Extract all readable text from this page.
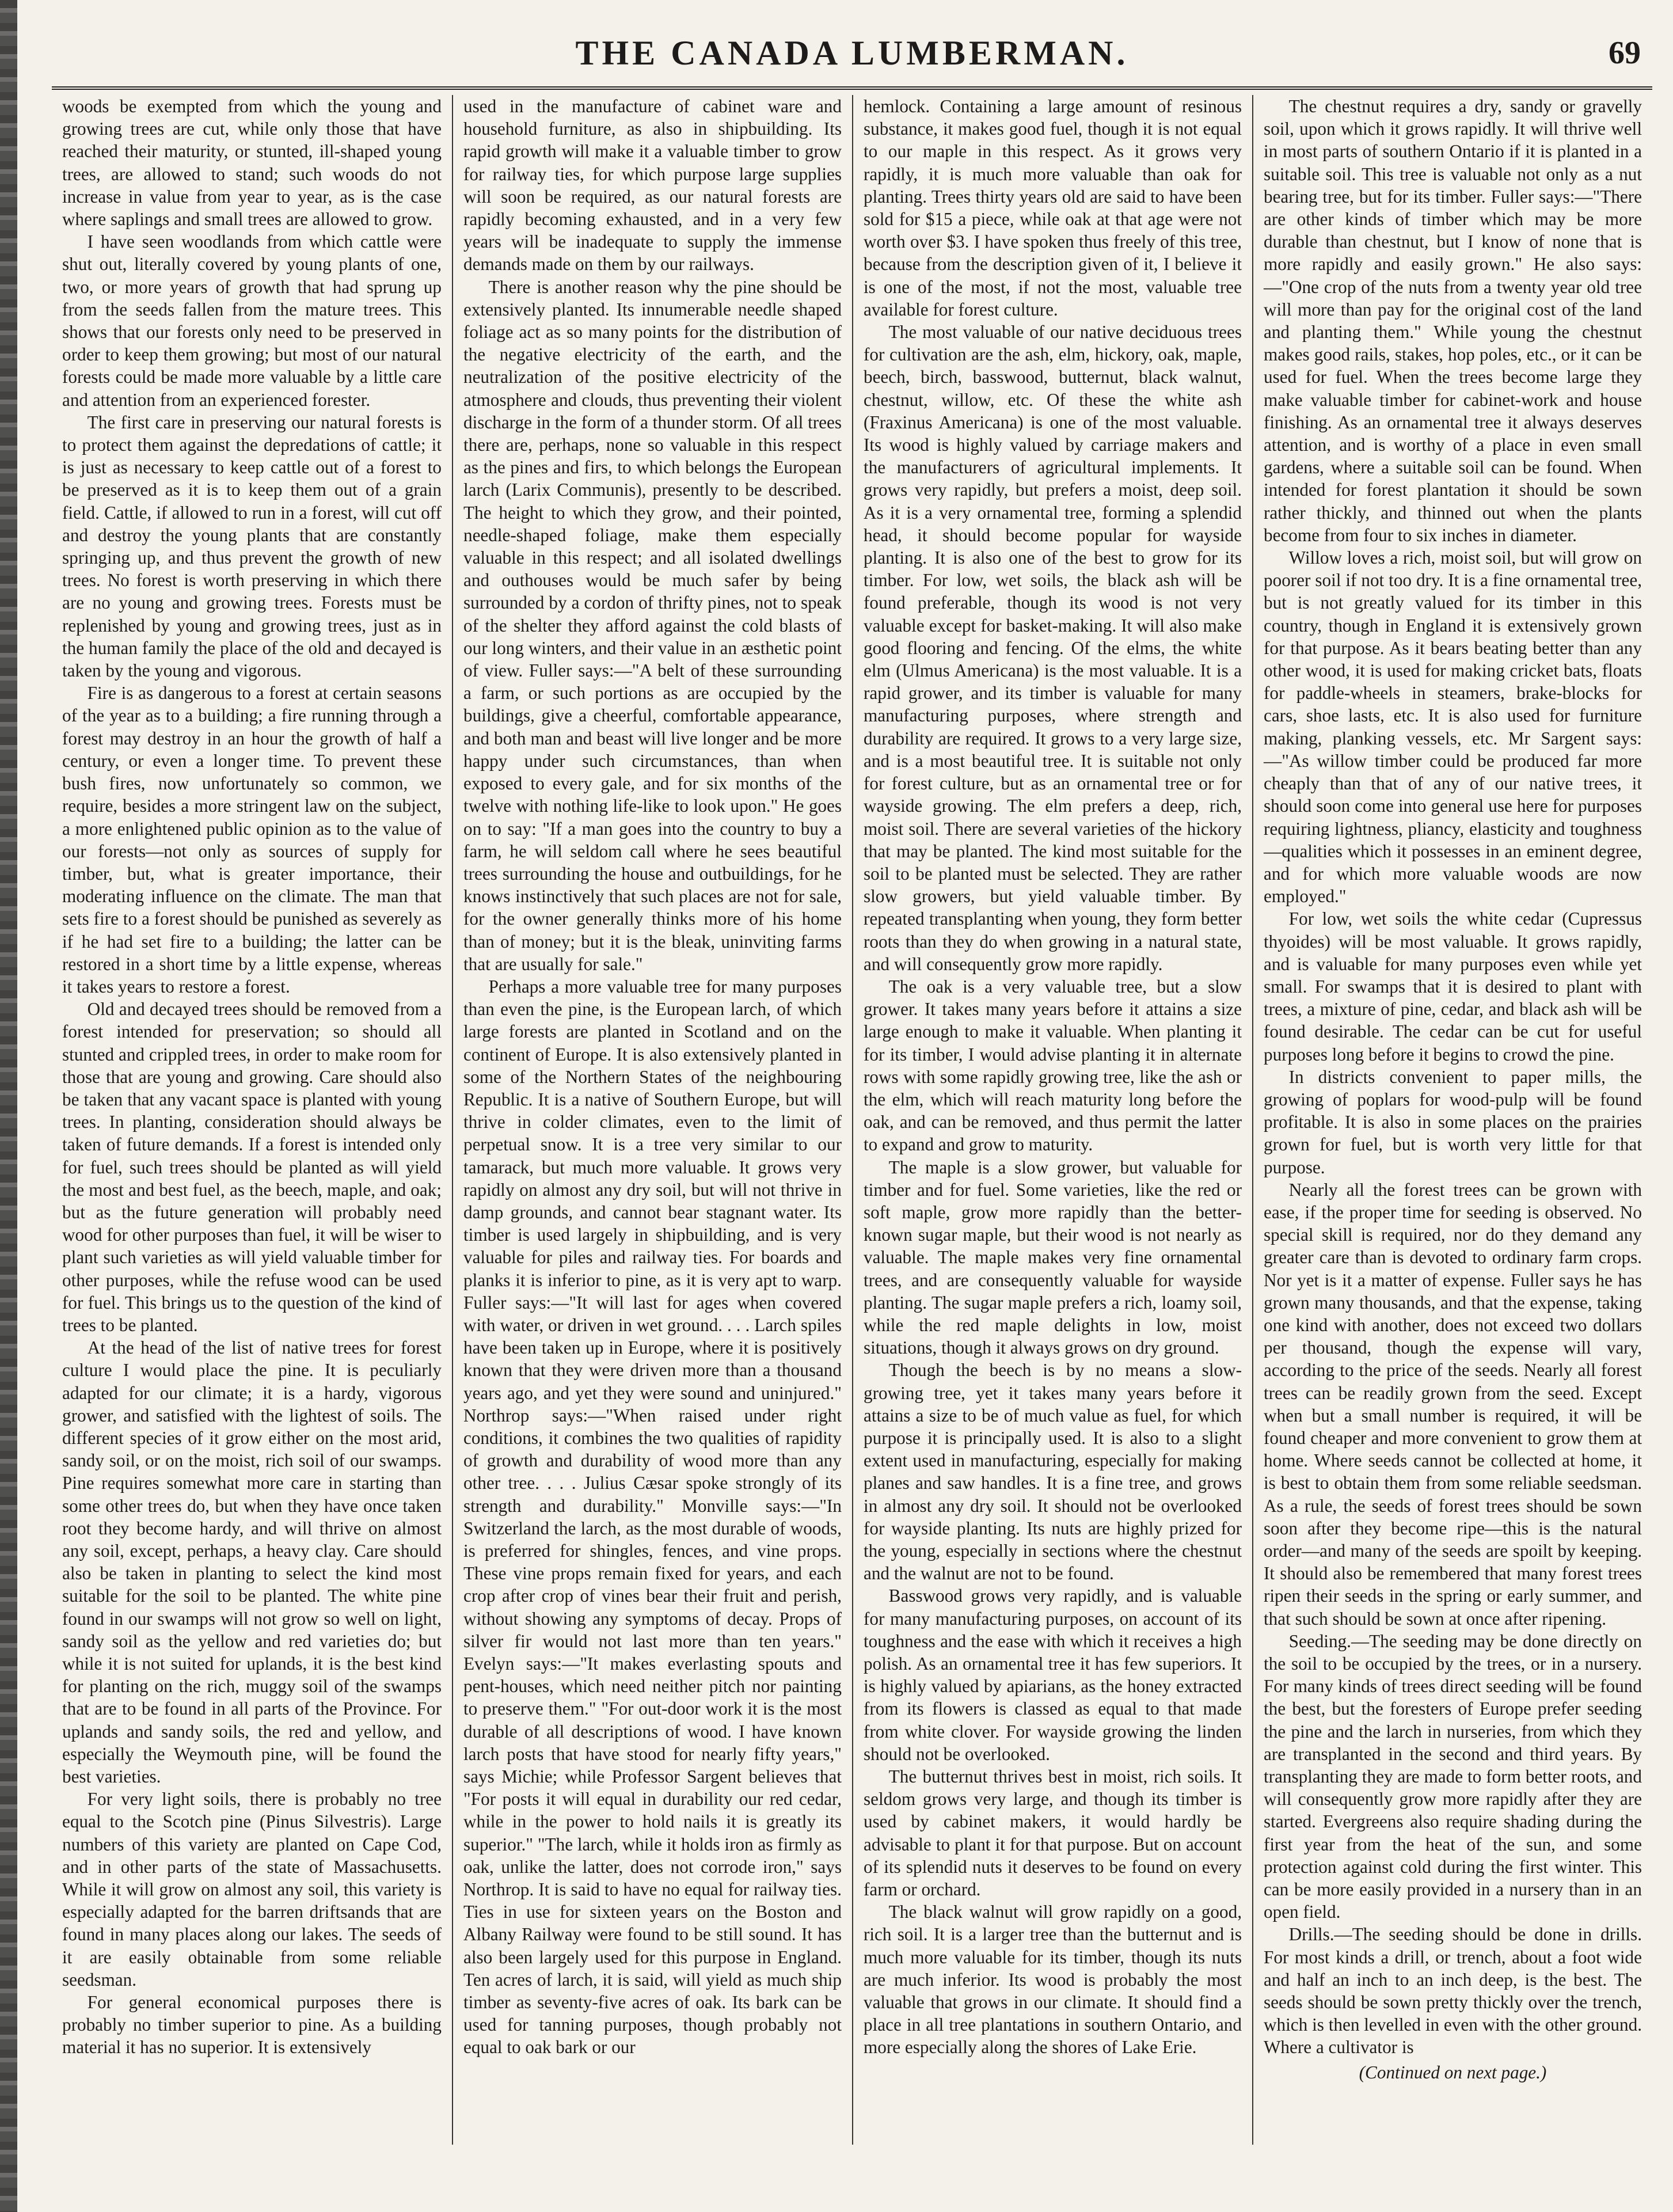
THE CANADA LUMBERMAN.	69

woods be exempted from which the young and growing trees are cut, while only those that have reached their maturity, or stunted, ill-shaped young trees, are allowed to stand; such woods do not increase in value from year to year, as is the case where saplings and small trees are allowed to grow.

I have seen woodlands from which cattle were shut out, literally covered by young plants of one, two, or more years of growth that had sprung up from the seeds fallen from the mature trees. This shows that our forests only need to be preserved in order to keep them growing; but most of our natural forests could be made more valuable by a little care and attention from an experienced forester.

The first care in preserving our natural forests is to protect them against the depredations of cattle; it is just as necessary to keep cattle out of a forest to be preserved as it is to keep them out of a grain field. Cattle, if allowed to run in a forest, will cut off and destroy the young plants that are constantly springing up, and thus prevent the growth of new trees. No forest is worth preserving in which there are no young and growing trees. Forests must be replenished by young and growing trees, just as in the human family the place of the old and decayed is taken by the young and vigorous.

Fire is as dangerous to a forest at certain seasons of the year as to a building; a fire running through a forest may destroy in an hour the growth of half a century, or even a longer time. To prevent these bush fires, now unfortunately so common, we require, besides a more stringent law on the subject, a more enlightened public opinion as to the value of our forests—not only as sources of supply for timber, but, what is greater importance, their moderating influence on the climate. The man that sets fire to a forest should be punished as severely as if he had set fire to a building; the latter can be restored in a short time by a little expense, whereas it takes years to restore a forest.

Old and decayed trees should be removed from a forest intended for preservation; so should all stunted and crippled trees, in order to make room for those that are young and growing. Care should also be taken that any vacant space is planted with young trees. In planting, consideration should always be taken of future demands. If a forest is intended only for fuel, such trees should be planted as will yield the most and best fuel, as the beech, maple, and oak; but as the future generation will probably need wood for other purposes than fuel, it will be wiser to plant such varieties as will yield valuable timber for other purposes, while the refuse wood can be used for fuel. This brings us to the question of the kind of trees to be planted.

At the head of the list of native trees for forest culture I would place the pine. It is peculiarly adapted for our climate; it is a hardy, vigorous grower, and satisfied with the lightest of soils. The different species of it grow either on the most arid, sandy soil, or on the moist, rich soil of our swamps. Pine requires somewhat more care in starting than some other trees do, but when they have once taken root they become hardy, and will thrive on almost any soil, except, perhaps, a heavy clay. Care should also be taken in planting to select the kind most suitable for the soil to be planted. The white pine found in our swamps will not grow so well on light, sandy soil as the yellow and red varieties do; but while it is not suited for uplands, it is the best kind for planting on the rich, muggy soil of the swamps that are to be found in all parts of the Province. For uplands and sandy soils, the red and yellow, and especially the Weymouth pine, will be found the best varieties.

For very light soils, there is probably no tree equal to the Scotch pine (Pinus Silvestris). Large numbers of this variety are planted on Cape Cod, and in other parts of the state of Massachusetts. While it will grow on almost any soil, this variety is especially adapted for the barren driftsands that are found in many places along our lakes. The seeds of it are easily obtainable from some reliable seedsman.

For general economical purposes there is probably no timber superior to pine. As a building material it has no superior. It is extensively

used in the manufacture of cabinet ware and household furniture, as also in shipbuilding. Its rapid growth will make it a valuable timber to grow for railway ties, for which purpose large supplies will soon be required, as our natural forests are rapidly becoming exhausted, and in a very few years will be inadequate to supply the immense demands made on them by our railways.

There is another reason why the pine should be extensively planted. Its innumerable needle shaped foliage act as so many points for the distribution of the negative electricity of the earth, and the neutralization of the positive electricity of the atmosphere and clouds, thus preventing their violent discharge in the form of a thunder storm. Of all trees there are, perhaps, none so valuable in this respect as the pines and firs, to which belongs the European larch (Larix Communis), presently to be described. The height to which they grow, and their pointed, needle-shaped foliage, make them especially valuable in this respect; and all isolated dwellings and outhouses would be much safer by being surrounded by a cordon of thrifty pines, not to speak of the shelter they afford against the cold blasts of our long winters, and their value in an æsthetic point of view. Fuller says:—"A belt of these surrounding a farm, or such portions as are occupied by the buildings, give a cheerful, comfortable appearance, and both man and beast will live longer and be more happy under such circumstances, than when exposed to every gale, and for six months of the twelve with nothing life-like to look upon." He goes on to say: "If a man goes into the country to buy a farm, he will seldom call where he sees beautiful trees surrounding the house and outbuildings, for he knows instinctively that such places are not for sale, for the owner generally thinks more of his home than of money; but it is the bleak, uninviting farms that are usually for sale."

Perhaps a more valuable tree for many purposes than even the pine, is the European larch, of which large forests are planted in Scotland and on the continent of Europe. It is also extensively planted in some of the Northern States of the neighbouring Republic. It is a native of Southern Europe, but will thrive in colder climates, even to the limit of perpetual snow. It is a tree very similar to our tamarack, but much more valuable. It grows very rapidly on almost any dry soil, but will not thrive in damp grounds, and cannot bear stagnant water. Its timber is used largely in shipbuilding, and is very valuable for piles and railway ties. For boards and planks it is inferior to pine, as it is very apt to warp. Fuller says:—"It will last for ages when covered with water, or driven in wet ground. . . . Larch spiles have been taken up in Europe, where it is positively known that they were driven more than a thousand years ago, and yet they were sound and uninjured." Northrop says:—"When raised under right conditions, it combines the two qualities of rapidity of growth and durability of wood more than any other tree. . . . Julius Cæsar spoke strongly of its strength and durability." Monville says:—"In Switzerland the larch, as the most durable of woods, is preferred for shingles, fences, and vine props. These vine props remain fixed for years, and each crop after crop of vines bear their fruit and perish, without showing any symptoms of decay. Props of silver fir would not last more than ten years." Evelyn says:—"It makes everlasting spouts and pent-houses, which need neither pitch nor painting to preserve them." "For out-door work it is the most durable of all descriptions of wood. I have known larch posts that have stood for nearly fifty years," says Michie; while Professor Sargent believes that "For posts it will equal in durability our red cedar, while in the power to hold nails it is greatly its superior." "The larch, while it holds iron as firmly as oak, unlike the latter, does not corrode iron," says Northrop. It is said to have no equal for railway ties. Ties in use for sixteen years on the Boston and Albany Railway were found to be still sound. It has also been largely used for this purpose in England. Ten acres of larch, it is said, will yield as much ship timber as seventy-five acres of oak. Its bark can be used for tanning purposes, though probably not equal to oak bark or our

hemlock. Containing a large amount of resinous substance, it makes good fuel, though it is not equal to our maple in this respect. As it grows very rapidly, it is much more valuable than oak for planting. Trees thirty years old are said to have been sold for $15 a piece, while oak at that age were not worth over $3. I have spoken thus freely of this tree, because from the description given of it, I believe it is one of the most, if not the most, valuable tree available for forest culture.

The most valuable of our native deciduous trees for cultivation are the ash, elm, hickory, oak, maple, beech, birch, basswood, butternut, black walnut, chestnut, willow, etc. Of these the white ash (Fraxinus Americana) is one of the most valuable. Its wood is highly valued by carriage makers and the manufacturers of agricultural implements. It grows very rapidly, but prefers a moist, deep soil. As it is a very ornamental tree, forming a splendid head, it should become popular for wayside planting. It is also one of the best to grow for its timber. For low, wet soils, the black ash will be found preferable, though its wood is not very valuable except for basket-making. It will also make good flooring and fencing. Of the elms, the white elm (Ulmus Americana) is the most valuable. It is a rapid grower, and its timber is valuable for many manufacturing purposes, where strength and durability are required. It grows to a very large size, and is a most beautiful tree. It is suitable not only for forest culture, but as an ornamental tree or for wayside growing. The elm prefers a deep, rich, moist soil. There are several varieties of the hickory that may be planted. The kind most suitable for the soil to be planted must be selected. They are rather slow growers, but yield valuable timber. By repeated transplanting when young, they form better roots than they do when growing in a natural state, and will consequently grow more rapidly.

The oak is a very valuable tree, but a slow grower. It takes many years before it attains a size large enough to make it valuable. When planting it for its timber, I would advise planting it in alternate rows with some rapidly growing tree, like the ash or the elm, which will reach maturity long before the oak, and can be removed, and thus permit the latter to expand and grow to maturity.

The maple is a slow grower, but valuable for timber and for fuel. Some varieties, like the red or soft maple, grow more rapidly than the better-known sugar maple, but their wood is not nearly as valuable. The maple makes very fine ornamental trees, and are consequently valuable for wayside planting. The sugar maple prefers a rich, loamy soil, while the red maple delights in low, moist situations, though it always grows on dry ground.

Though the beech is by no means a slow-growing tree, yet it takes many years before it attains a size to be of much value as fuel, for which purpose it is principally used. It is also to a slight extent used in manufacturing, especially for making planes and saw handles. It is a fine tree, and grows in almost any dry soil. It should not be overlooked for wayside planting. Its nuts are highly prized for the young, especially in sections where the chestnut and the walnut are not to be found.

Basswood grows very rapidly, and is valuable for many manufacturing purposes, on account of its toughness and the ease with which it receives a high polish. As an ornamental tree it has few superiors. It is highly valued by apiarians, as the honey extracted from its flowers is classed as equal to that made from white clover. For wayside growing the linden should not be overlooked.

The butternut thrives best in moist, rich soils. It seldom grows very large, and though its timber is used by cabinet makers, it would hardly be advisable to plant it for that purpose. But on account of its splendid nuts it deserves to be found on every farm or orchard.

The black walnut will grow rapidly on a good, rich soil. It is a larger tree than the butternut and is much more valuable for its timber, though its nuts are much inferior. Its wood is probably the most valuable that grows in our climate. It should find a place in all tree plantations in southern Ontario, and more especially along the shores of Lake Erie.

The chestnut requires a dry, sandy or gravelly soil, upon which it grows rapidly. It will thrive well in most parts of southern Ontario if it is planted in a suitable soil. This tree is valuable not only as a nut bearing tree, but for its timber. Fuller says:—"There are other kinds of timber which may be more durable than chestnut, but I know of none that is more rapidly and easily grown." He also says:—"One crop of the nuts from a twenty year old tree will more than pay for the original cost of the land and planting them." While young the chestnut makes good rails, stakes, hop poles, etc., or it can be used for fuel. When the trees become large they make valuable timber for cabinet-work and house finishing. As an ornamental tree it always deserves attention, and is worthy of a place in even small gardens, where a suitable soil can be found. When intended for forest plantation it should be sown rather thickly, and thinned out when the plants become from four to six inches in diameter.

Willow loves a rich, moist soil, but will grow on poorer soil if not too dry. It is a fine ornamental tree, but is not greatly valued for its timber in this country, though in England it is extensively grown for that purpose. As it bears beating better than any other wood, it is used for making cricket bats, floats for paddle-wheels in steamers, brake-blocks for cars, shoe lasts, etc. It is also used for furniture making, planking vessels, etc. Mr Sargent says:—"As willow timber could be produced far more cheaply than that of any of our native trees, it should soon come into general use here for purposes requiring lightness, pliancy, elasticity and toughness—qualities which it possesses in an eminent degree, and for which more valuable woods are now employed."

For low, wet soils the white cedar (Cupressus thyoides) will be most valuable. It grows rapidly, and is valuable for many purposes even while yet small. For swamps that it is desired to plant with trees, a mixture of pine, cedar, and black ash will be found desirable. The cedar can be cut for useful purposes long before it begins to crowd the pine.

In districts convenient to paper mills, the growing of poplars for wood-pulp will be found profitable. It is also in some places on the prairies grown for fuel, but is worth very little for that purpose.

Nearly all the forest trees can be grown with ease, if the proper time for seeding is observed. No special skill is required, nor do they demand any greater care than is devoted to ordinary farm crops. Nor yet is it a matter of expense. Fuller says he has grown many thousands, and that the expense, taking one kind with another, does not exceed two dollars per thousand, though the expense will vary, according to the price of the seeds. Nearly all forest trees can be readily grown from the seed. Except when but a small number is required, it will be found cheaper and more convenient to grow them at home. Where seeds cannot be collected at home, it is best to obtain them from some reliable seedsman. As a rule, the seeds of forest trees should be sown soon after they become ripe—this is the natural order—and many of the seeds are spoilt by keeping. It should also be remembered that many forest trees ripen their seeds in the spring or early summer, and that such should be sown at once after ripening.

Seeding.—The seeding may be done directly on the soil to be occupied by the trees, or in a nursery. For many kinds of trees direct seeding will be found the best, but the foresters of Europe prefer seeding the pine and the larch in nurseries, from which they are transplanted in the second and third years. By transplanting they are made to form better roots, and will consequently grow more rapidly after they are started. Evergreens also require shading during the first year from the heat of the sun, and some protection against cold during the first winter. This can be more easily provided in a nursery than in an open field.

Drills.—The seeding should be done in drills. For most kinds a drill, or trench, about a foot wide and half an inch to an inch deep, is the best. The seeds should be sown pretty thickly over the trench, which is then levelled in even with the other ground. Where a cultivator is

(Continued on next page.)
